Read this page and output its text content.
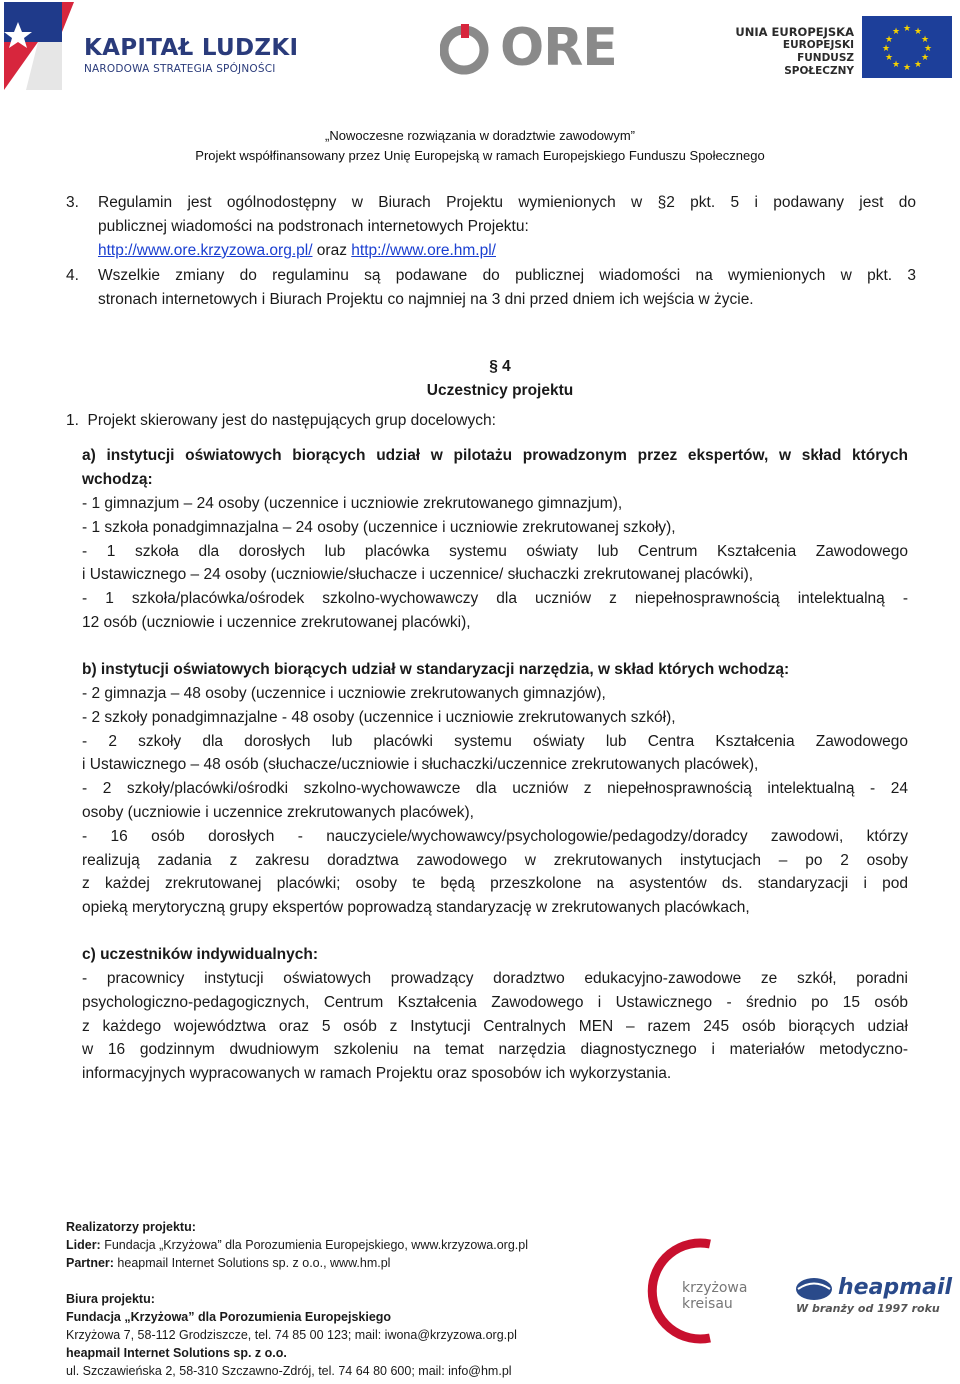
KAPITAŁ LUDZKI
NARODOWA STRATEGIA SPÓJNOŚCI	ORE	UNIA EUROPEJSKA
EUROPEJSKI
FUNDUSZ SPOŁECZNY
★ ★
★
★
★
★
★
★
★
★
★
★
„Nowoczesne rozwiązania w doradztwie zawodowym”
Projekt współfinansowany przez Unię Europejską w ramach Europejskiego Funduszu Społecznego
3. Regulamin jest ogólnodostępny w Biurach Projektu wymienionych w §2 pkt. 5 i podawany jest do
publicznej wiadomości na podstronach internetowych Projektu:
http://www.ore.krzyzowa.org.pl/ oraz http://www.ore.hm.pl/
4. Wszelkie zmiany do regulaminu są podawane do publicznej wiadomości na wymienionych w pkt. 3
stronach internetowych i Biurach Projektu co najmniej na 3 dni przed dniem ich wejścia w życie.
§ 4
Uczestnicy projektu
1.  Projekt skierowany jest do następujących grup docelowych:
a) instytucji oświatowych biorących udział w pilotażu prowadzonym przez ekspertów, w skład których
wchodzą:
- 1 gimnazjum – 24 osoby (uczennice i uczniowie zrekrutowanego gimnazjum),
- 1 szkoła ponadgimnazjalna – 24 osoby (uczennice i uczniowie zrekrutowanej szkoły),
- 1 szkoła dla dorosłych lub placówka systemu oświaty lub Centrum Kształcenia Zawodowego
i Ustawicznego – 24 osoby (uczniowie/słuchacze i uczennice/ słuchaczki zrekrutowanej placówki),
- 1 szkoła/placówka/ośrodek szkolno-wychowawczy dla uczniów z niepełnosprawnością intelektualną -
12 osób (uczniowie i uczennice zrekrutowanej placówki),
b) instytucji oświatowych biorących udział w standaryzacji narzędzia, w skład których wchodzą:
- 2 gimnazja – 48 osoby (uczennice i uczniowie zrekrutowanych gimnazjów),
- 2 szkoły ponadgimnazjalne - 48 osoby (uczennice i uczniowie zrekrutowanych szkół),
- 2 szkoły dla dorosłych lub placówki systemu oświaty lub Centra Kształcenia Zawodowego
i Ustawicznego – 48 osób (słuchacze/uczniowie i słuchaczki/uczennice zrekrutowanych placówek),
- 2 szkoły/placówki/ośrodki szkolno-wychowawcze dla uczniów z niepełnosprawnością intelektualną - 24
osoby (uczniowie i uczennice zrekrutowanych placówek),
- 16 osób dorosłych - nauczyciele/wychowawcy/psychologowie/pedagodzy/doradcy zawodowi, którzy
realizują zadania z zakresu doradztwa zawodowego w zrekrutowanych instytucjach – po 2 osoby
z każdej zrekrutowanej placówki; osoby te będą przeszkolone na asystentów ds. standaryzacji i pod
opieką merytoryczną grupy ekspertów poprowadzą standaryzację w zrekrutowanych placówkach,
c) uczestników indywidualnych:
- pracownicy instytucji oświatowych prowadzący doradztwo edukacyjno-zawodowe ze szkół, poradni
psychologiczno-pedagogicznych, Centrum Kształcenia Zawodowego i Ustawicznego - średnio po 15 osób
z każdego województwa oraz 5 osób z Instytucji Centralnych MEN – razem 245 osób biorących udział
w 16 godzinnym dwudniowym szkoleniu na temat narzędzia diagnostycznego i materiałów metodyczno-
informacyjnych wypracowanych w ramach Projektu oraz sposobów ich wykorzystania.
Realizatorzy projektu:
Lider: Fundacja „Krzyżowa” dla Porozumienia Europejskiego, www.krzyzowa.org.pl
Partner: heapmail Internet Solutions sp. z o.o., www.hm.pl
Biura projektu:
Fundacja „Krzyżowa” dla Porozumienia Europejskiego
Krzyżowa 7, 58-112 Grodziszcze, tel. 74 85 00 123; mail: iwona@krzyzowa.org.pl
heapmail Internet Solutions sp. z o.o.
ul. Szczawieńska 2, 58-310 Szczawno-Zdrój, tel. 74 64 80 600; mail: info@hm.pl
krzyżowa
kreisau
heapmail
W branży od 1997 roku
